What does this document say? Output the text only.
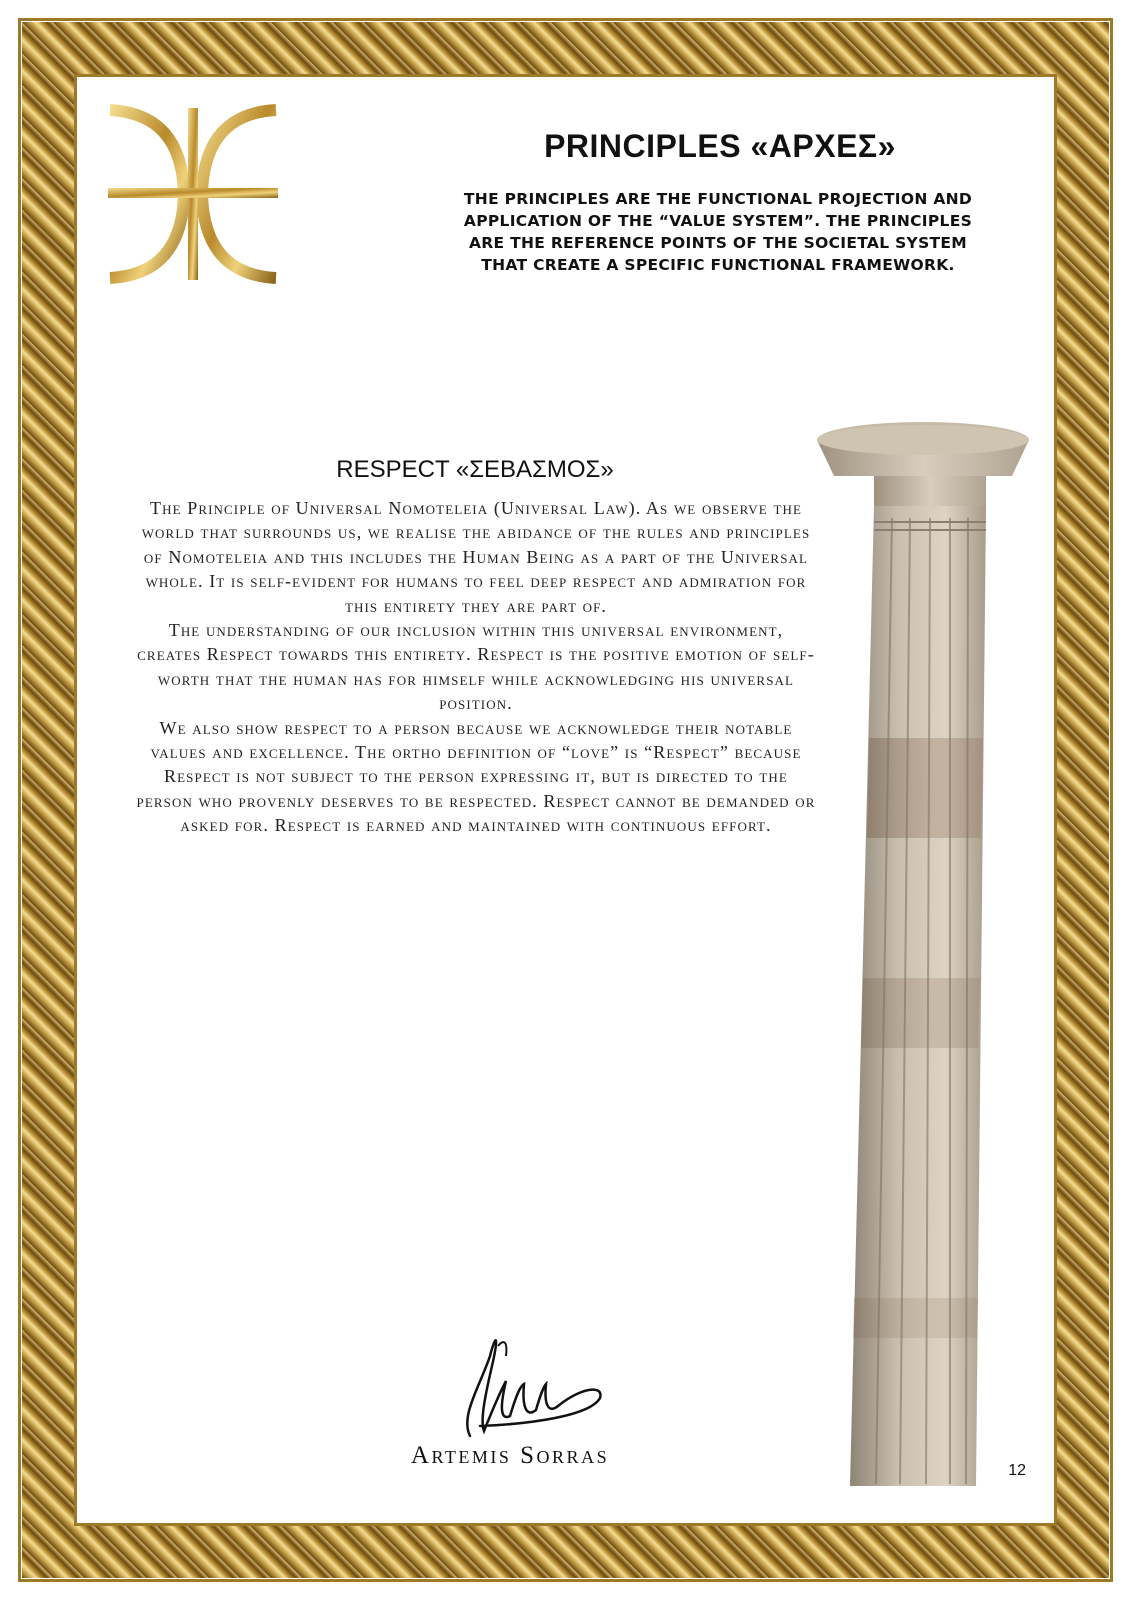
PRINCIPLES «ΑΡΧΕΣ»
THE PRINCIPLES ARE THE FUNCTIONAL PROJECTION AND APPLICATION OF THE “VALUE SYSTEM”. THE PRINCIPLES ARE THE REFERENCE POINTS OF THE SOCIETAL SYSTEM THAT CREATE A SPECIFIC FUNCTIONAL FRAMEWORK.
RESPECT «ΣΕΒΑΣΜΟΣ»

The Principle of Universal Nomoteleia (Universal Law). As we observe the world that surrounds us, we realise the abidance of the rules and principles of Nomoteleia and this includes the Human Being as a part of the Universal whole. It is self-evident for humans to feel deep respect and admiration for this entirety they are part of.

The understanding of our inclusion within this universal environment, creates Respect towards this entirety. Respect is the positive emotion of self-worth that the human has for himself while acknowledging his universal position.

We also show respect to a person because we acknowledge their notable values and excellence. The ortho definition of “love” is “Respect” because Respect is not subject to the person expressing it, but is directed to the person who provenly deserves to be respected. Respect cannot be demanded or asked for. Respect is earned and maintained with continuous effort.

Artemis Sorras
12
